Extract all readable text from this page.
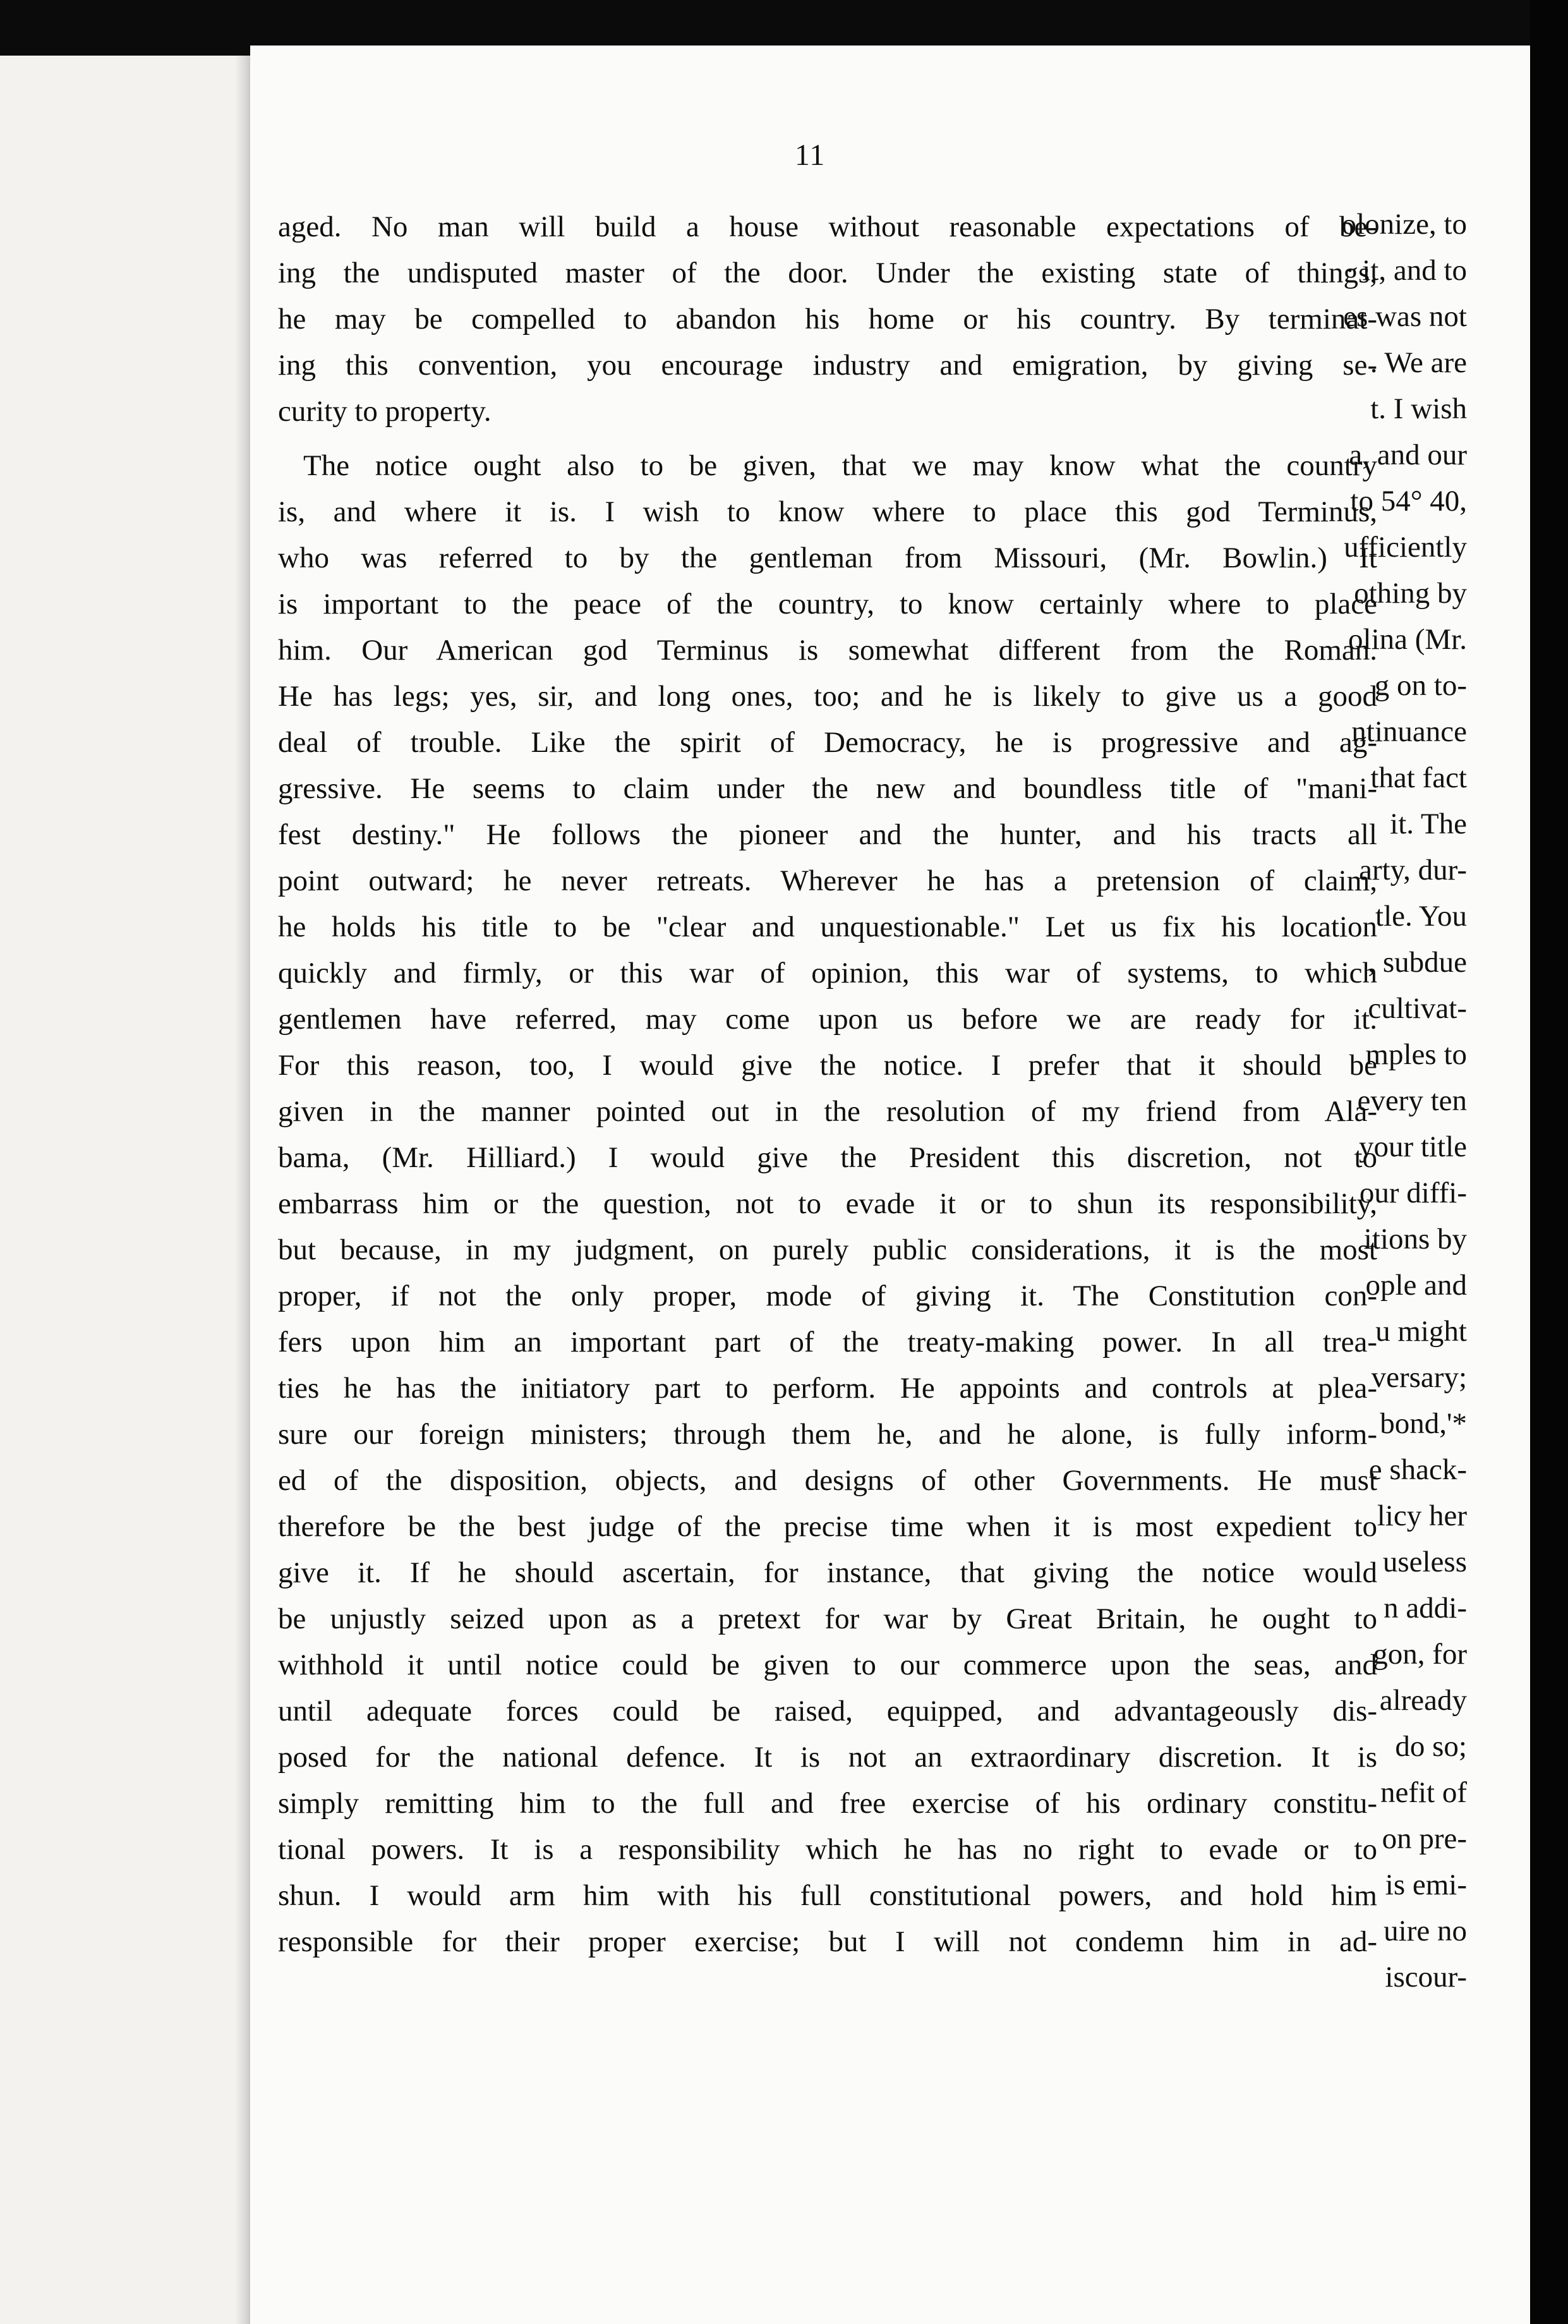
olonize, to
· it, and to
es was not
. We are
t. I wish
a, and our
to 54° 40,
ufficiently
othing by
olina (Mr.
g on to-
ntinuance
that fact
it. The
arty, dur-
tle. You
, subdue
cultivat-
mples to
every ten
your title
our diffi-
itions by
ople and
u might
versary;
bond,'*
e shack-
licy her
useless
n addi-
gon, for
already
do so;
nefit of
on pre-
is emi-
uire no
iscour-
11
aged. No man will build a house without reasonable expectations of be-
ing the undisputed master of the door. Under the existing state of things,
he may be compelled to abandon his home or his country. By terminat-
ing this convention, you encourage industry and emigration, by giving se-
curity to property.
The notice ought also to be given, that we may know what the country
is, and where it is. I wish to know where to place this god Terminus,
who was referred to by the gentleman from Missouri, (Mr. Bowlin.) It
is important to the peace of the country, to know certainly where to place
him. Our American god Terminus is somewhat different from the Roman.
He has legs; yes, sir, and long ones, too; and he is likely to give us a good
deal of trouble. Like the spirit of Democracy, he is progressive and ag-
gressive. He seems to claim under the new and boundless title of "mani-
fest destiny." He follows the pioneer and the hunter, and his tracts all
point outward; he never retreats. Wherever he has a pretension of claim,
he holds his title to be "clear and unquestionable." Let us fix his location
quickly and firmly, or this war of opinion, this war of systems, to which
gentlemen have referred, may come upon us before we are ready for it.
For this reason, too, I would give the notice. I prefer that it should be
given in the manner pointed out in the resolution of my friend from Ala-
bama, (Mr. Hilliard.) I would give the President this discretion, not to
embarrass him or the question, not to evade it or to shun its responsibility,
but because, in my judgment, on purely public considerations, it is the most
proper, if not the only proper, mode of giving it. The Constitution con-
fers upon him an important part of the treaty-making power. In all trea-
ties he has the initiatory part to perform. He appoints and controls at plea-
sure our foreign ministers; through them he, and he alone, is fully inform-
ed of the disposition, objects, and designs of other Governments. He must
therefore be the best judge of the precise time when it is most expedient to
give it. If he should ascertain, for instance, that giving the notice would
be unjustly seized upon as a pretext for war by Great Britain, he ought to
withhold it until notice could be given to our commerce upon the seas, and
until adequate forces could be raised, equipped, and advantageously dis-
posed for the national defence. It is not an extraordinary discretion. It is
simply remitting him to the full and free exercise of his ordinary constitu-
tional powers. It is a responsibility which he has no right to evade or to
shun. I would arm him with his full constitutional powers, and hold him
responsible for their proper exercise; but I will not condemn him in ad-
